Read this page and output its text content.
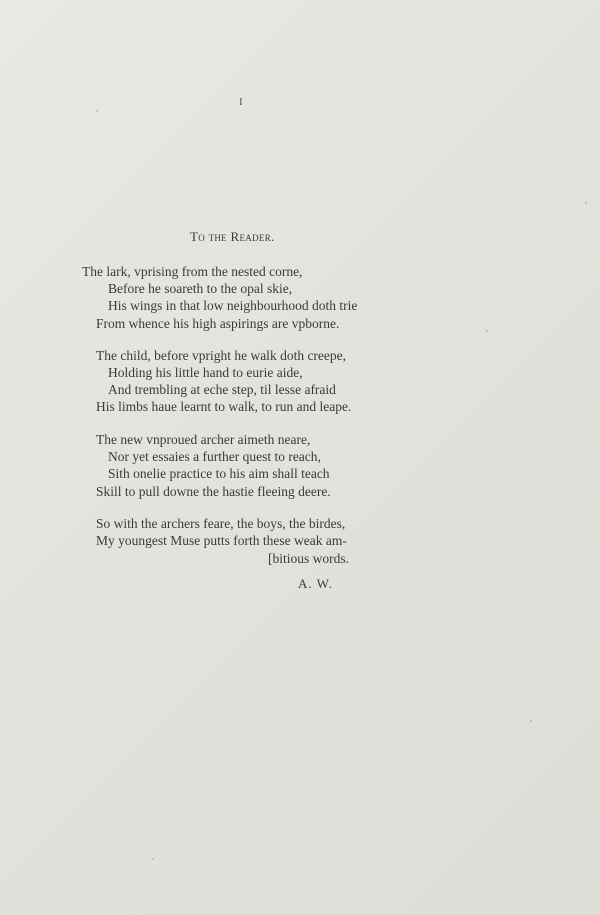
I
To the Reader.
The lark, vprising from the nested corne,
Before he soareth to the opal skie,
His wings in that low neighbourhood doth trie
From whence his high aspirings are vpborne.
The child, before vpright he walk doth creepe,
Holding his little hand to eurie aide,
And trembling at eche step, til lesse afraid
His limbs haue learnt to walk, to run and leape.
The new vnproued archer aimeth neare,
Nor yet essaies a further quest to reach,
Sith onelie practice to his aim shall teach
Skill to pull downe the hastie fleeing deere.
So with the archers feare, the boys, the birdes,
My youngest Muse putts forth these weak am-
[bitious words.
A. W.
